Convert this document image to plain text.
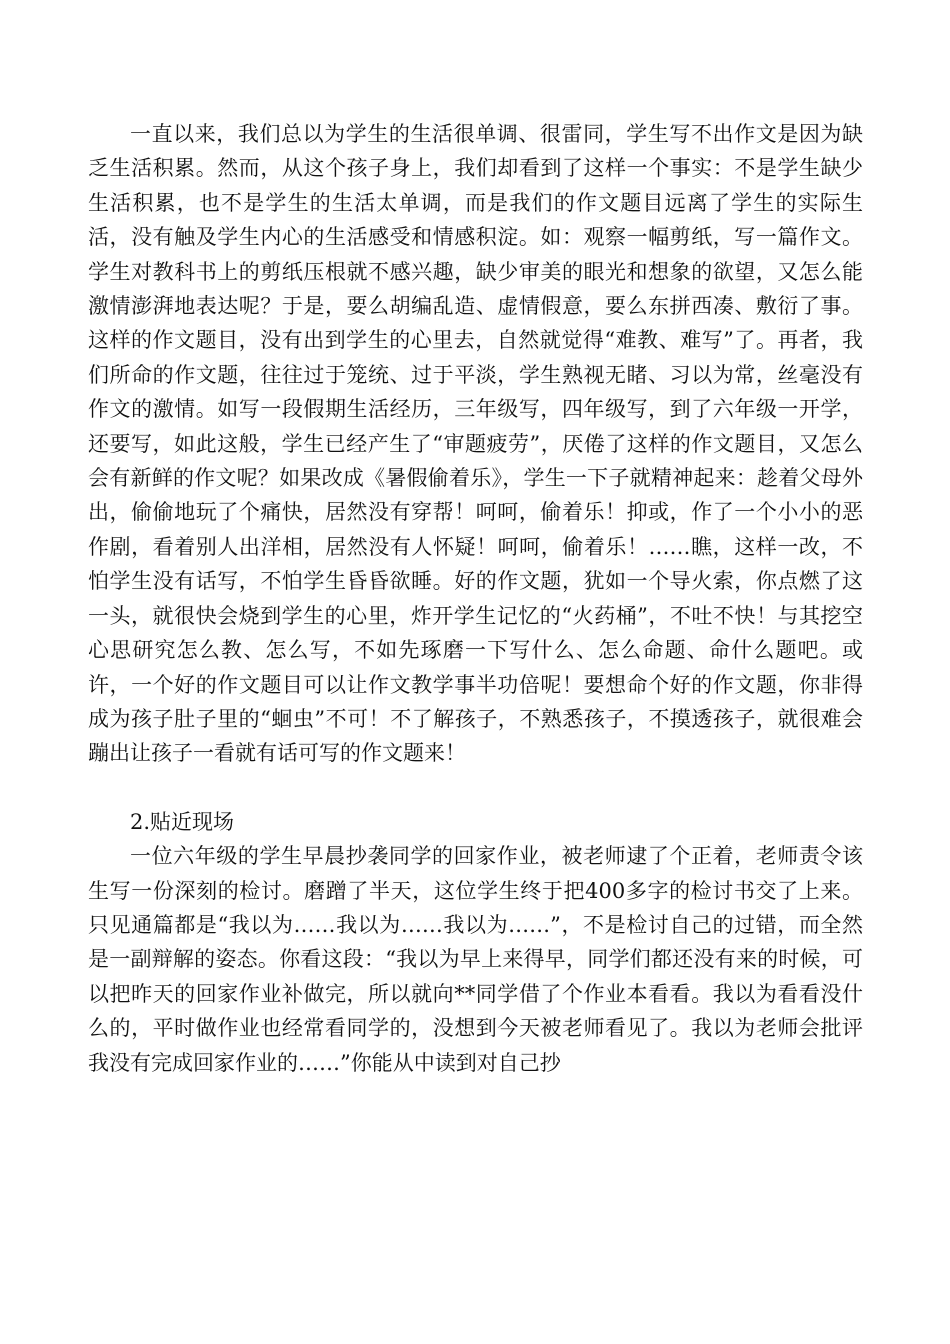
一直以来，我们总以为学生的生活很单调、很雷同，学生写不出作文是因为缺乏生活积累。然而，从这个孩子身上，我们却看到了这样一个事实：不是学生缺少生活积累，也不是学生的生活太单调，而是我们的作文题目远离了学生的实际生活，没有触及学生内心的生活感受和情感积淀。如：观察一幅剪纸，写一篇作文。学生对教科书上的剪纸压根就不感兴趣，缺少审美的眼光和想象的欲望，又怎么能激情澎湃地表达呢？于是，要么胡编乱造、虚情假意，要么东拼西凑、敷衍了事。这样的作文题目，没有出到学生的心里去，自然就觉得“难教、难写”了。再者，我们所命的作文题，往往过于笼统、过于平淡，学生熟视无睹、习以为常，丝毫没有作文的激情。如写一段假期生活经历，三年级写，四年级写，到了六年级一开学，还要写，如此这般，学生已经产生了“审题疲劳”，厌倦了这样的作文题目，又怎么会有新鲜的作文呢？如果改成《暑假偷着乐》，学生一下子就精神起来：趁着父母外出，偷偷地玩了个痛快，居然没有穿帮！呵呵，偷着乐！抑或，作了一个小小的恶作剧，看着别人出洋相，居然没有人怀疑！呵呵，偷着乐！……瞧，这样一改，不怕学生没有话写，不怕学生昏昏欲睡。好的作文题，犹如一个导火索，你点燃了这一头，就很快会烧到学生的心里，炸开学生记忆的“火药桶”，不吐不快！与其挖空心思研究怎么教、怎么写，不如先琢磨一下写什么、怎么命题、命什么题吧。或许，一个好的作文题目可以让作文教学事半功倍呢！要想命个好的作文题，你非得成为孩子肚子里的“蛔虫”不可！不了解孩子，不熟悉孩子，不摸透孩子，就很难会蹦出让孩子一看就有话可写的作文题来！

2.贴近现场

一位六年级的学生早晨抄袭同学的回家作业，被老师逮了个正着，老师责令该生写一份深刻的检讨。磨蹭了半天，这位学生终于把400多字的检讨书交了上来。只见通篇都是“我以为……我以为……我以为……”，不是检讨自己的过错，而全然是一副辩解的姿态。你看这段：“我以为早上来得早，同学们都还没有来的时候，可以把昨天的回家作业补做完，所以就向**同学借了个作业本看看。我以为看看没什么的，平时做作业也经常看同学的，没想到今天被老师看见了。我以为老师会批评我没有完成回家作业的……”你能从中读到对自己抄
